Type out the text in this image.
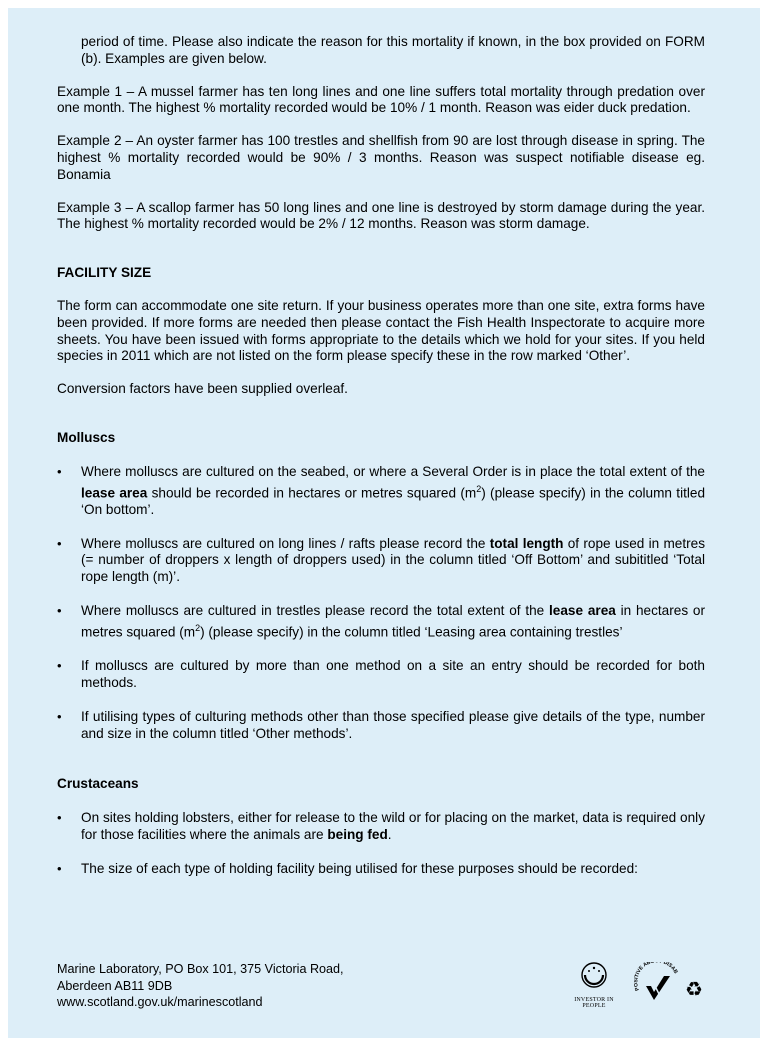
period of time. Please also indicate the reason for this mortality if known, in the box provided on FORM (b). Examples are given below.

Example 1 – A mussel farmer has ten long lines and one line suffers total mortality through predation over one month. The highest % mortality recorded would be 10% / 1 month. Reason was eider duck predation.

Example 2 – An oyster farmer has 100 trestles and shellfish from 90 are lost through disease in spring. The highest % mortality recorded would be 90% / 3 months. Reason was suspect notifiable disease eg. Bonamia

Example 3 – A scallop farmer has 50 long lines and one line is destroyed by storm damage during the year. The highest % mortality recorded would be 2% / 12 months. Reason was storm damage.

FACILITY SIZE

The form can accommodate one site return. If your business operates more than one site, extra forms have been provided. If more forms are needed then please contact the Fish Health Inspectorate to acquire more sheets. You have been issued with forms appropriate to the details which we hold for your sites. If you held species in 2011 which are not listed on the form please specify these in the row marked ‘Other’.

Conversion factors have been supplied overleaf.

Molluscs

• Where molluscs are cultured on the seabed, or where a Several Order is in place the total extent of the lease area should be recorded in hectares or metres squared $(m^2)$ (please specify) in the column titled ‘On bottom’.
• Where molluscs are cultured on long lines / rafts please record the total length of rope used in metres (= number of droppers x length of droppers used) in the column titled ‘Off Bottom’ and subititled ‘Total rope length (m)’.
• Where molluscs are cultured in trestles please record the total extent of the lease area in hectares or metres squared $(m^2)$ (please specify) in the column titled ‘Leasing area containing trestles’
• If molluscs are cultured by more than one method on a site an entry should be recorded for both methods.
• If utilising types of culturing methods other than those specified please give details of the type, number and size in the column titled ‘Other methods’.

Crustaceans

• On sites holding lobsters, either for release to the wild or for placing on the market, data is required only for those facilities where the animals are being fed.
• The size of each type of holding facility being utilised for these purposes should be recorded:
Marine Laboratory, PO Box 101, 375 Victoria Road,
Aberdeen AB11 9DB
www.scotland.gov.uk/marinescotland	INVESTOR IN PEOPLE
P ITIVE AB DISAB
♻
